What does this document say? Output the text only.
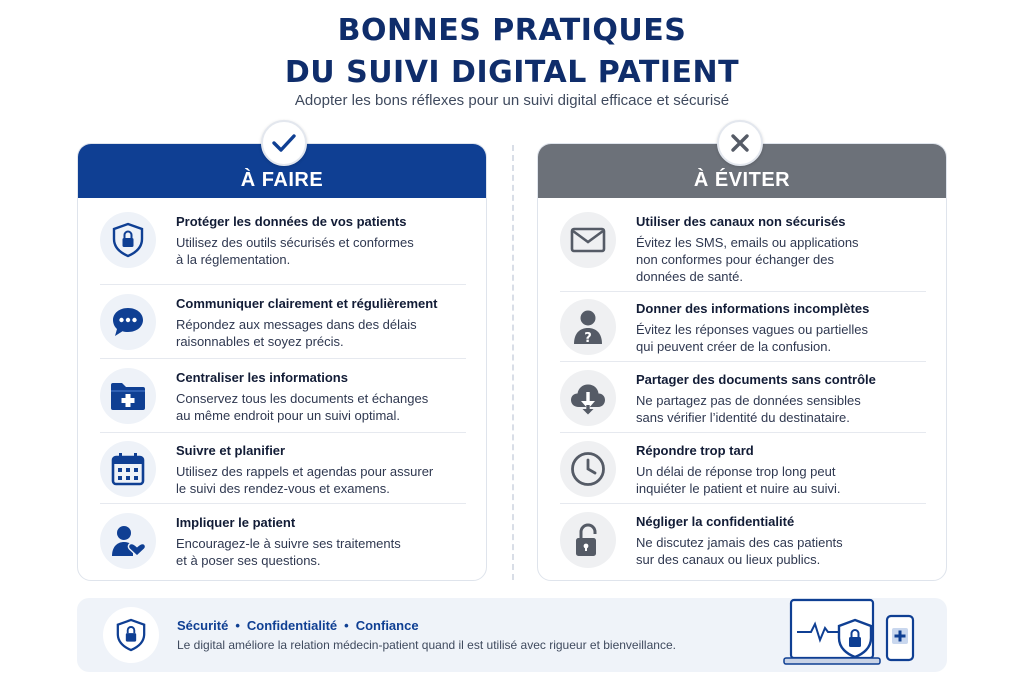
BONNES PRATIQUES
DU SUIVI DIGITAL PATIENT
Adopter les bons réflexes pour un suivi digital efficace et sécurisé
À FAIRE
Protéger les données de vos patients
Utilisez des outils sécurisés et conformes
à la réglementation.
Communiquer clairement et régulièrement
Répondez aux messages dans des délais
raisonnables et soyez précis.
Centraliser les informations
Conservez tous les documents et échanges
au même endroit pour un suivi optimal.
Suivre et planifier
Utilisez des rappels et agendas pour assurer
le suivi des rendez-vous et examens.
Impliquer le patient
Encouragez-le à suivre ses traitements
et à poser ses questions.
À ÉVITER
Utiliser des canaux non sécurisés
Évitez les SMS, emails ou applications
non conformes pour échanger des
données de santé.
?
Donner des informations incomplètes
Évitez les réponses vagues ou partielles
qui peuvent créer de la confusion.
Partager des documents sans contrôle
Ne partagez pas de données sensibles
sans vérifier l’identité du destinataire.
Répondre trop tard
Un délai de réponse trop long peut
inquiéter le patient et nuire au suivi.
Négliger la confidentialité
Ne discutez jamais des cas patients
sur des canaux ou lieux publics.
Sécurité • Confidentialité • Confiance
Le digital améliore la relation médecin-patient quand il est utilisé avec rigueur et bienveillance.
